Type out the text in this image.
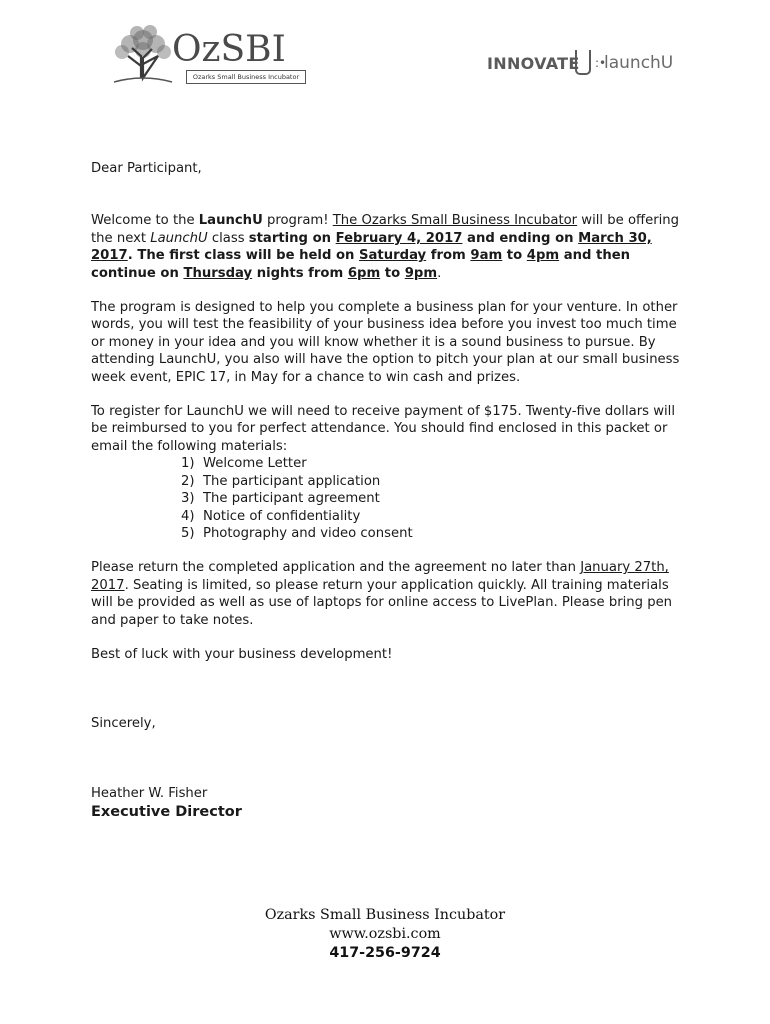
OzSBI
Ozarks Small Business Incubator
INNOVATE :•
launchU

Dear Participant,

Welcome to the LaunchU program! The Ozarks Small Business Incubator will be offering the next LaunchU class starting on February 4, 2017 and ending on March 30, 2017. The first class will be held on Saturday from 9am to 4pm and then continue on Thursday nights from 6pm to 9pm.

The program is designed to help you complete a business plan for your venture. In other words, you will test the feasibility of your business idea before you invest too much time or money in your idea and you will know whether it is a sound business to pursue. By attending LaunchU, you also will have the option to pitch your plan at our small business week event, EPIC 17, in May for a chance to win cash and prizes.

To register for LaunchU we will need to receive payment of $175. Twenty-five dollars will be reimbursed to you for perfect attendance. You should find enclosed in this packet or email the following materials:

1) Welcome Letter
2) The participant application
3) The participant agreement
4) Notice of confidentiality
5) Photography and video consent

Please return the completed application and the agreement no later than January 27th, 2017. Seating is limited, so please return your application quickly. All training materials will be provided as well as use of laptops for online access to LivePlan. Please bring pen and paper to take notes.

Best of luck with your business development!

Sincerely,

Heather W. Fisher

Executive Director

Ozarks Small Business Incubator
www.ozsbi.com
417-256-9724
